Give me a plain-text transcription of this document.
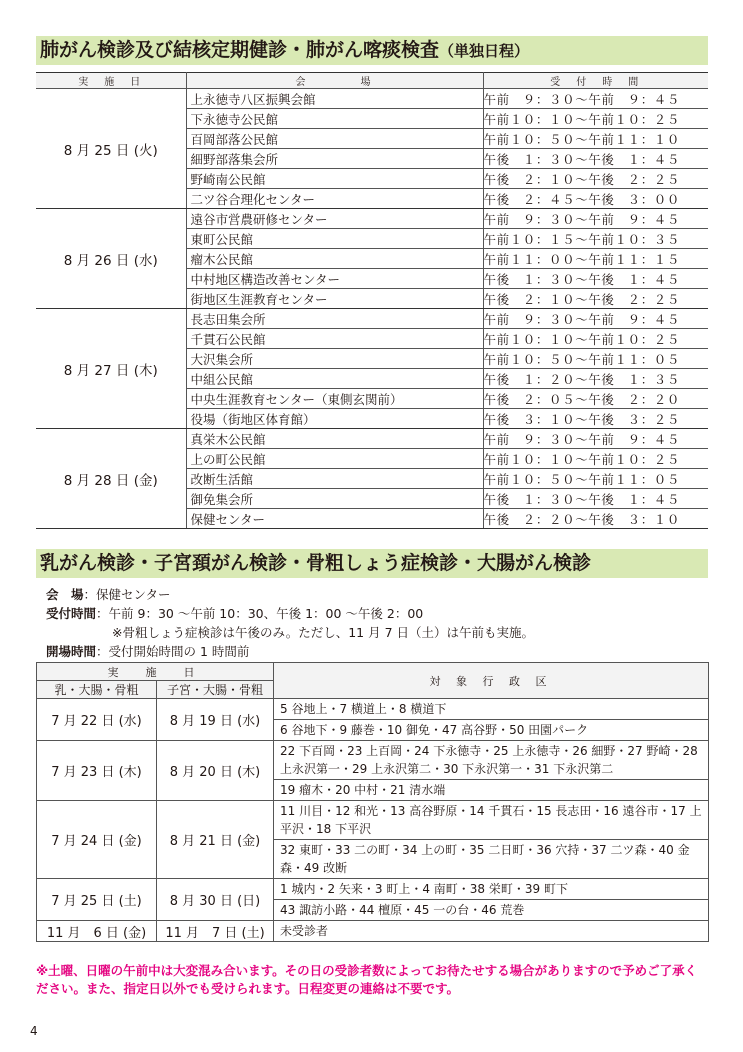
肺がん検診及び結核定期健診・肺がん喀痰検査（単独日程）
実　施　日	会　　　　場	受　付　時　間
8 月 25 日 (火)	上永徳寺八区振興会館	午前　９：３０～午前　９：４５
	下永徳寺公民館	午前１０：１０～午前１０：２５
	百岡部落公民館	午前１０：５０～午前１１：１０
	細野部落集会所	午後　１：３０～午後　１：４５
	野崎南公民館	午後　２：１０～午後　２：２５
	二ツ谷合理化センター	午後　２：４５～午後　３：００
8 月 26 日 (水)	遠谷市営農研修センター	午前　９：３０～午前　９：４５
	東町公民館	午前１０：１５～午前１０：３５
	瘤木公民館	午前１１：００～午前１１：１５
	中村地区構造改善センター	午後　１：３０～午後　１：４５
	街地区生涯教育センター	午後　２：１０～午後　２：２５
8 月 27 日 (木)	長志田集会所	午前　９：３０～午前　９：４５
	千貫石公民館	午前１０：１０～午前１０：２５
	大沢集会所	午前１０：５０～午前１１：０５
	中組公民館	午後　１：２０～午後　１：３５
	中央生涯教育センター（東側玄関前）	午後　２：０５～午後　２：２０
	役場（街地区体育館）	午後　３：１０～午後　３：２５
8 月 28 日 (金)	真栄木公民館	午前　９：３０～午前　９：４５
	上の町公民館	午前１０：１０～午前１０：２５
	改断生活館	午前１０：５０～午前１１：０５
	御免集会所	午後　１：３０～午後　１：４５
	保健センター	午後　２：２０～午後　３：１０
乳がん検診・子宮頚がん検診・骨粗しょう症検診・大腸がん検診
会　場：保健センター
受付時間：午前 9：30 ～午前 10：30、午後 1：00 ～午後 2：00
※骨粗しょう症検診は午後のみ。ただし、11 月 7 日（土）は午前も実施。
開場時間：受付開始時間の 1 時間前
実　施　日		対 象 行 政 区
乳・大腸・骨粗	子宮・大腸・骨粗	
7 月 22 日 (水)	8 月 19 日 (水)	5 谷地上・7 横道上・8 横道下
		6 谷地下・9 藤巻・10 御免・47 高谷野・50 田園パーク
7 月 23 日 (木)	8 月 20 日 (木)	22 下百岡・23 上百岡・24 下永徳寺・25 上永徳寺・26 細野・27 野崎・28 上永沢第一・29 上永沢第二・30 下永沢第一・31 下永沢第二
		19 瘤木・20 中村・21 清水端
7 月 24 日 (金)	8 月 21 日 (金)	11 川目・12 和光・13 高谷野原・14 千貫石・15 長志田・16 遠谷市・17 上平沢・18 下平沢
		32 東町・33 二の町・34 上の町・35 二日町・36 穴持・37 二ツ森・40 金森・49 改断
7 月 25 日 (土)	8 月 30 日 (日)	1 城内・2 矢来・3 町上・4 南町・38 栄町・39 町下
		43 諏訪小路・44 檀原・45 一の台・46 荒巻
11 月　6 日 (金)	11 月　7 日 (土)	未受診者
※土曜、日曜の午前中は大変混み合います。その日の受診者数によってお待たせする場合がありますので予めご了承ください。また、指定日以外でも受けられます。日程変更の連絡は不要です。
4
